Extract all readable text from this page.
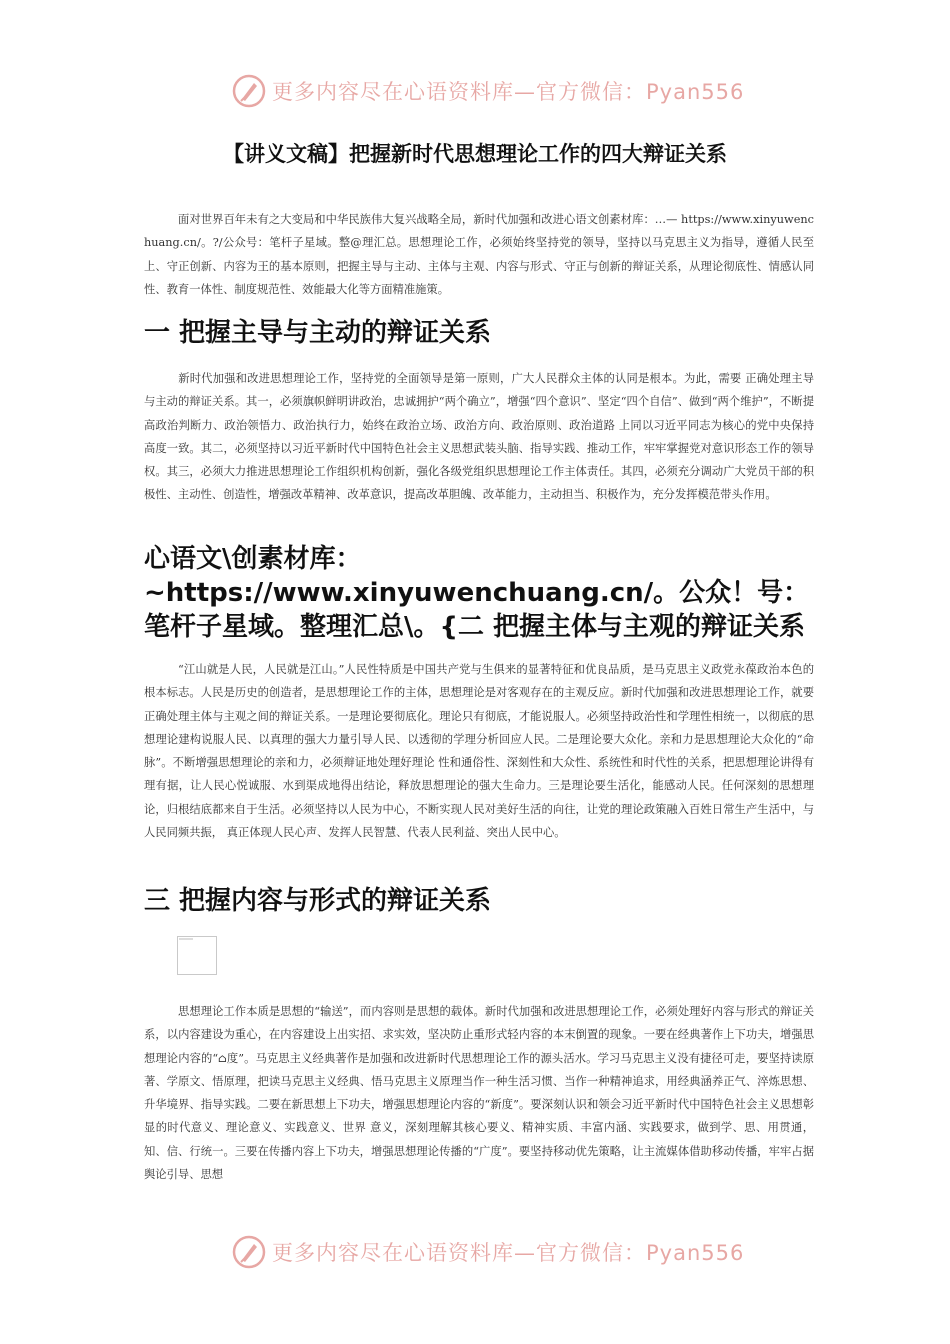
更多内容尽在心语资料库—官方微信：Pyan556
【讲义文稿】把握新时代思想理论工作的四大辩证关系

面对世界百年未有之大变局和中华民族伟大复兴战略全局，新时代加强和改进心语文创素材库：…— https://www.xinyuwenchuang.cn/。?/公众号：笔杆子星域。整@理汇总。思想理论工作，必须始终坚持党的领导，坚持以马克思主义为指导，遵循人民至上、守正创新、内容为王的基本原则，把握主导与主动、主体与主观、内容与形式、守正与创新的辩证关系，从理论彻底性、情感认同性、教育一体性、制度规范性、效能最大化等方面精准施策。

一 把握主导与主动的辩证关系

新时代加强和改进思想理论工作，坚持党的全面领导是第一原则，广大人民群众主体的认同是根本。为此，需要 正确处理主导与主动的辩证关系。其一，必须旗帜鲜明讲政治，忠诚拥护“两个确立”，增强“四个意识”、坚定“四个自信”、做到“两个维护”，不断提高政治判断力、政治领悟力、政治执行力，始终在政治立场、政治方向、政治原则、政治道路 上同以习近平同志为核心的党中央保持高度一致。其二，必须坚持以习近平新时代中国特色社会主义思想武装头脑、指导实践、推动工作，牢牢掌握党对意识形态工作的领导权。其三，必须大力推进思想理论工作组织机构创新，强化各级党组织思想理论工作主体责任。其四，必须充分调动广大党员干部的积极性、主动性、创造性，增强改革精神、改革意识，提高改革胆魄、改革能力，主动担当、积极作为，充分发挥模范带头作用。

心语文\创素材库：~https://www.xinyuwenchuang.cn/。公众！号：笔杆子星域。整理汇总\。{二 把握主体与主观的辩证关系

“江山就是人民，人民就是江山。”人民性特质是中国共产党与生俱来的显著特征和优良品质，是马克思主义政党永葆政治本色的根本标志。人民是历史的创造者，是思想理论工作的主体，思想理论是对客观存在的主观反应。新时代加强和改进思想理论工作，就要正确处理主体与主观之间的辩证关系。一是理论要彻底化。理论只有彻底，才能说服人。必须坚持政治性和学理性相统一，以彻底的思想理论建构说服人民、以真理的强大力量引导人民、以透彻的学理分析回应人民。二是理论要大众化。亲和力是思想理论大众化的“命脉”。不断增强思想理论的亲和力，必须辩证地处理好理论 性和通俗性、深刻性和大众性、系统性和时代性的关系，把思想理论讲得有理有据，让人民心悦诚服、水到渠成地得出结论，释放思想理论的强大生命力。三是理论要生活化，能感动人民。任何深刻的思想理论，归根结底都来自于生活。必须坚持以人民为中心，不断实现人民对美好生活的向往，让党的理论政策融入百姓日常生产生活中，与人民同频共振， 真正体现人民心声、发挥人民智慧、代表人民利益、突出人民中心。

三 把握内容与形式的辩证关系

思想理论工作本质是思想的“输送”，而内容则是思想的载体。新时代加强和改进思想理论工作，必须处理好内容与形式的辩证关系，以内容建设为重心，在内容建设上出实招、求实效，坚决防止重形式轻内容的本末倒置的现象。一要在经典著作上下功夫，增强思想理论内容的“⌂度”。马克思主义经典著作是加强和改进新时代思想理论工作的源头活水。学习马克思主义没有捷径可走，要坚持读原著、学原文、悟原理，把读马克思主义经典、悟马克思主义原理当作一种生活习惯、当作一种精神追求，用经典涵养正气、淬炼思想、升华境界、指导实践。二要在新思想上下功夫，增强思想理论内容的“新度”。要深刻认识和领会习近平新时代中国特色社会主义思想彰显的时代意义、理论意义、实践意义、世界 意义，深刻理解其核心要义、精神实质、丰富内涵、实践要求，做到学、思、用贯通，知、信、行统一。三要在传播内容上下功夫，增强思想理论传播的“广度”。要坚持移动优先策略，让主流媒体借助移动传播，牢牢占据舆论引导、思想

更多内容尽在心语资料库—官方微信：Pyan556
